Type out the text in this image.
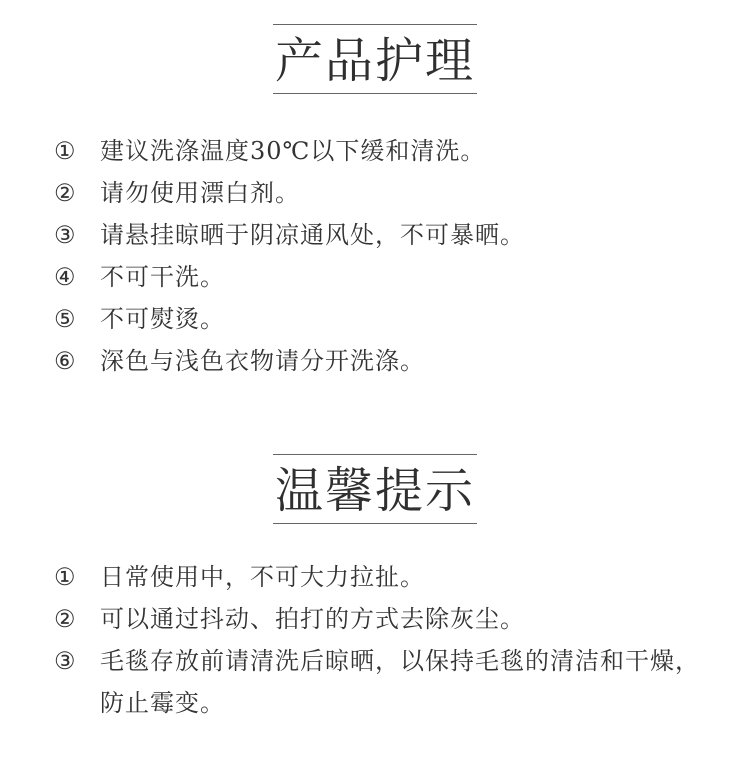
产品护理
① 建议洗涤温度30℃以下缓和清洗。
② 请勿使用漂白剂。
③ 请悬挂晾晒于阴凉通风处，不可暴晒。
④ 不可干洗。
⑤ 不可熨烫。
⑥ 深色与浅色衣物请分开洗涤。
温馨提示
① 日常使用中，不可大力拉扯。
② 可以通过抖动、拍打的方式去除灰尘。
③ 毛毯存放前请清洗后晾晒，以保持毛毯的清洁和干燥，防止霉变。
